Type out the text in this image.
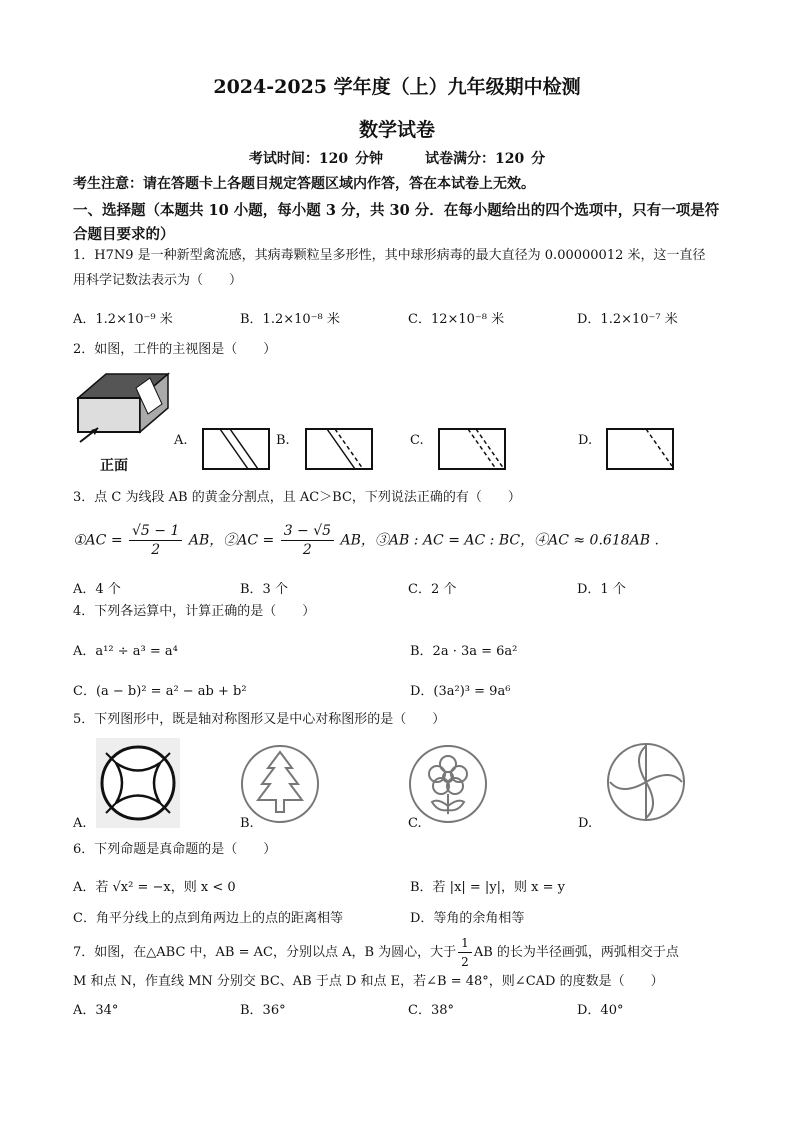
2024-2025 学年度（上）九年级期中检测
数学试卷
考试时间：120 分钟	试卷满分：120 分
考生注意：请在答题卡上各题目规定答题区域内作答，答在本试卷上无效。
一、选择题（本题共 10 小题，每小题 3 分，共 30 分．在每小题给出的四个选项中，只有一项是符合题目要求的）
1．H7N9 是一种新型禽流感，其病毒颗粒呈多形性，其中球形病毒的最大直径为 0.00000012 米，这一直径
用科学记数法表示为（　　）
A．1.2×10⁻⁹ 米	B．1.2×10⁻⁸ 米	C．12×10⁻⁸ 米	D．1.2×10⁻⁷ 米
2．如图，工件的主视图是（　　）
正面
A.	B.	C.	D.
3．点 C 为线段 AB 的黄金分割点，且 AC＞BC，下列说法正确的有（　　）
①AC = $\frac{√5 - 1}{2}$ AB，②AC = $\frac{3 - √5}{2}$ AB，③AB : AC = AC : BC，④AC ≈ 0.618AB .
A．4 个	B．3 个	C．2 个	D．1 个
4．下列各运算中，计算正确的是（　　）
A．a¹² ÷ a³ = a⁴	B．2a · 3a = 6a²
C．(a − b)² = a² − ab + b²	D．(3a²)³ = 9a⁶
5．下列图形中，既是轴对称图形又是中心对称图形的是（　　）
A.	B.	C.	D.
6．下列命题是真命题的是（　　）
A．若 √x² = −x，则 x < 0	B．若 |x| = |y|，则 x = y
C．角平分线上的点到角两边上的点的距离相等	D．等角的余角相等
7．如图，在△ABC 中，AB = AC，分别以点 A，B 为圆心，大于 $\frac{1}{2}$ AB 的长为半径画弧，两弧相交于点
M 和点 N，作直线 MN 分别交 BC、AB 于点 D 和点 E，若∠B = 48°，则∠CAD 的度数是（　　）
A．34°	B．36°	C．38°	D．40°
